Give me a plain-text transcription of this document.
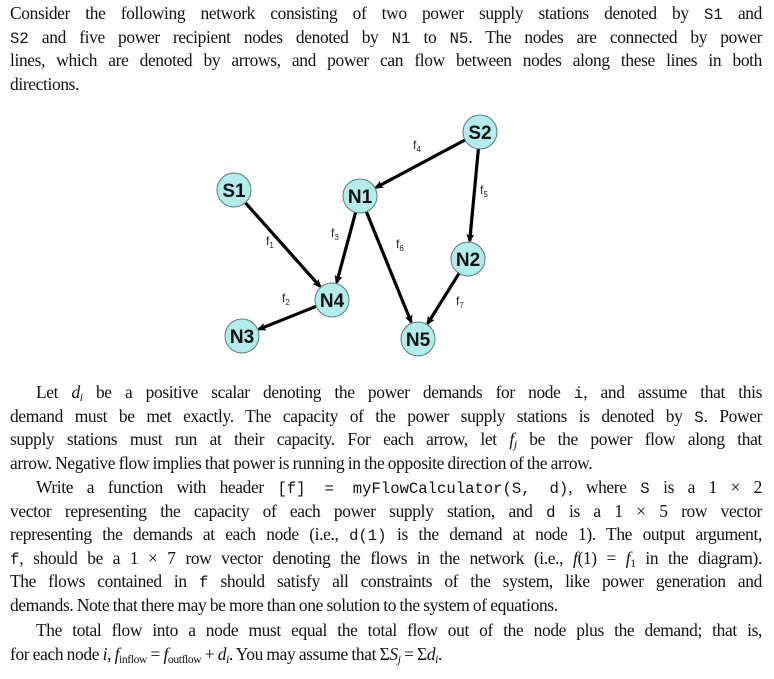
Consider the following network consisting of two power supply stations denoted by S1 and
S2 and five power recipient nodes denoted by N1 to N5. The nodes are connected by power
lines, which are denoted by arrows, and power can flow between nodes along these lines in both
directions.
S1
S2
N1
N2
N3
N4
N5
$f_1$
$f_2$
$f_3$
$f_4$
$f_5$
$f_6$
$f_7$
Let $d_i$ be a positive scalar denoting the power demands for node i, and assume that this
demand must be met exactly. The capacity of the power supply stations is denoted by S. Power
supply stations must run at their capacity. For each arrow, let $f_j$ be the power flow along that
arrow. Negative flow implies that power is running in the opposite direction of the arrow.
Write a function with header [f] = myFlowCalculator(S, d), where S is a 1 × 2
vector representing the capacity of each power supply station, and d is a 1 × 5 row vector
representing the demands at each node (i.e., d(1) is the demand at node 1). The output argument,
f, should be a 1 × 7 row vector denoting the flows in the network (i.e., $f(1) = f_1$ in the diagram).
The flows contained in f should satisfy all constraints of the system, like power generation and
demands. Note that there may be more than one solution to the system of equations.
The total flow into a node must equal the total flow out of the node plus the demand; that is,
for each node i, $f_{inflow} = f_{outflow} + d_i$. You may assume that $\Sigma S_j = \Sigma d_i$.
